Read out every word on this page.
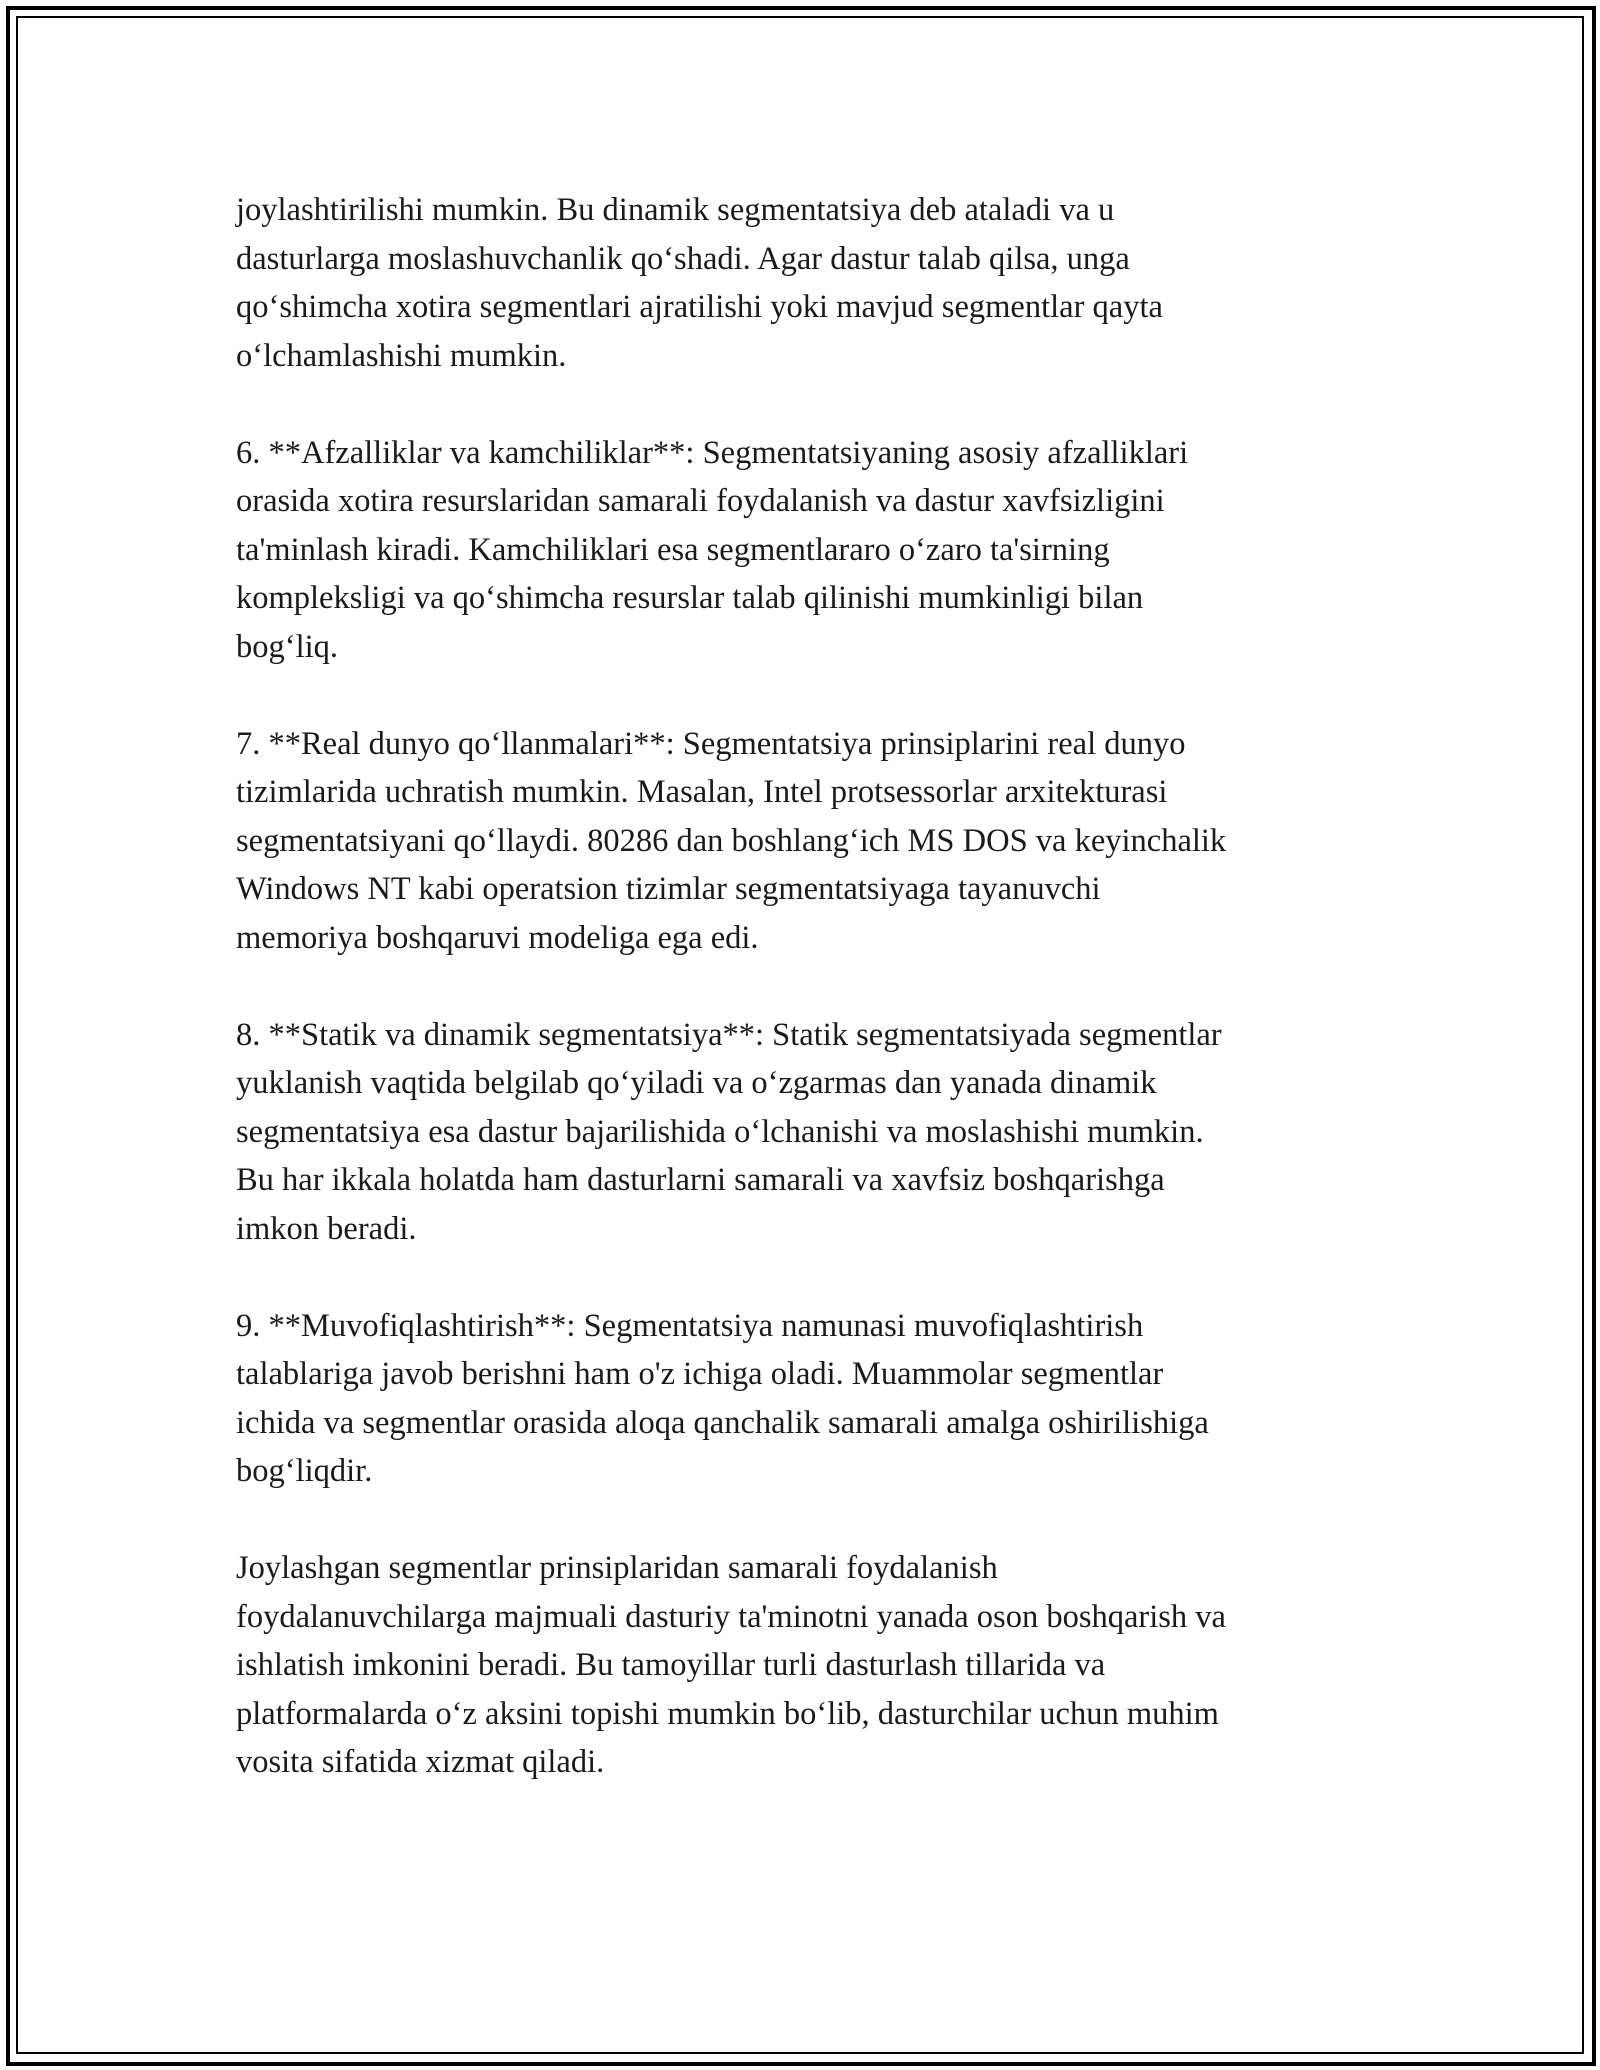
joylashtirilishi mumkin. Bu dinamik segmentatsiya deb ataladi va u
dasturlarga moslashuvchanlik qo‘shadi. Agar dastur talab qilsa, unga
qo‘shimcha xotira segmentlari ajratilishi yoki mavjud segmentlar qayta
o‘lchamlashishi mumkin.

6. **Afzalliklar va kamchiliklar**: Segmentatsiyaning asosiy afzalliklari
orasida xotira resurslaridan samarali foydalanish va dastur xavfsizligini
ta'minlash kiradi. Kamchiliklari esa segmentlararo o‘zaro ta'sirning
kompleksligi va qo‘shimcha resurslar talab qilinishi mumkinligi bilan
bog‘liq.

7. **Real dunyo qo‘llanmalari**: Segmentatsiya prinsiplarini real dunyo
tizimlarida uchratish mumkin. Masalan, Intel protsessorlar arxitekturasi
segmentatsiyani qo‘llaydi. 80286 dan boshlang‘ich MS DOS va keyinchalik
Windows NT kabi operatsion tizimlar segmentatsiyaga tayanuvchi
memoriya boshqaruvi modeliga ega edi.

8. **Statik va dinamik segmentatsiya**: Statik segmentatsiyada segmentlar
yuklanish vaqtida belgilab qo‘yiladi va o‘zgarmas dan yanada dinamik
segmentatsiya esa dastur bajarilishida o‘lchanishi va moslashishi mumkin.
Bu har ikkala holatda ham dasturlarni samarali va xavfsiz boshqarishga
imkon beradi.

9. **Muvofiqlashtirish**: Segmentatsiya namunasi muvofiqlashtirish
talablariga javob berishni ham o'z ichiga oladi. Muammolar segmentlar
ichida va segmentlar orasida aloqa qanchalik samarali amalga oshirilishiga
bog‘liqdir.

Joylashgan segmentlar prinsiplaridan samarali foydalanish
foydalanuvchilarga majmuali dasturiy ta'minotni yanada oson boshqarish va
ishlatish imkonini beradi. Bu tamoyillar turli dasturlash tillarida va
platformalarda o‘z aksini topishi mumkin bo‘lib, dasturchilar uchun muhim
vosita sifatida xizmat qiladi.
